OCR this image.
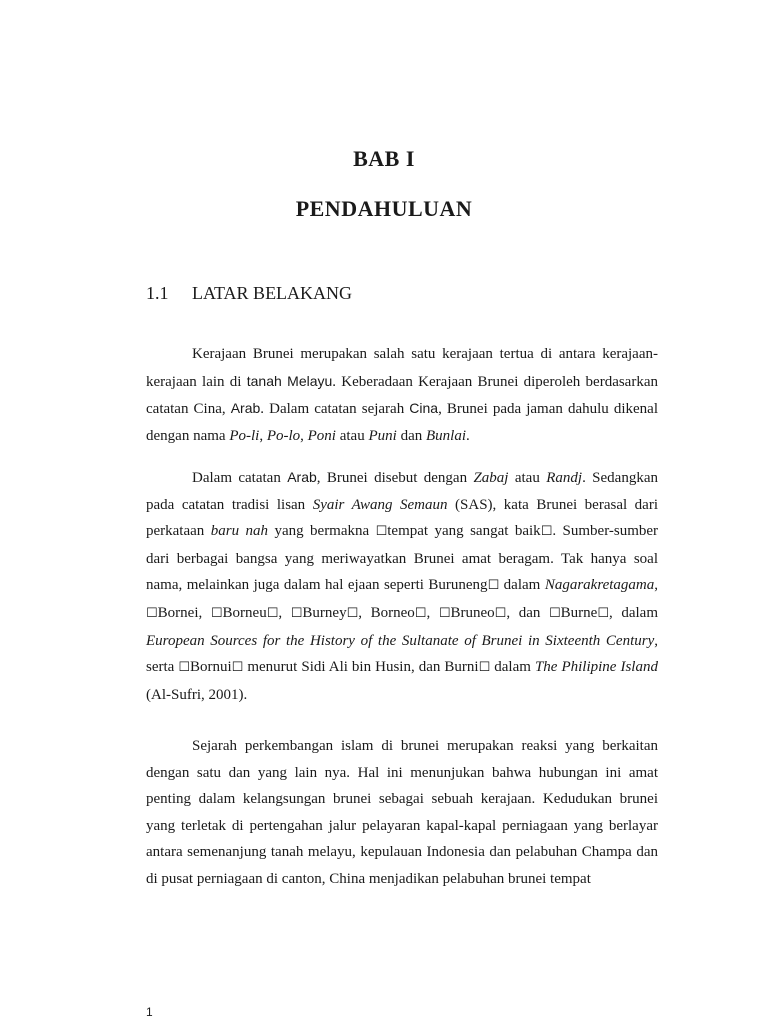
BAB I
PENDAHULUAN
1.1 LATAR BELAKANG

Kerajaan Brunei merupakan salah satu kerajaan tertua di antara kerajaan-kerajaan lain di tanah Melayu. Keberadaan Kerajaan Brunei diperoleh berdasarkan catatan Cina, Arab. Dalam catatan sejarah Cina, Brunei pada jaman dahulu dikenal dengan nama Po-li, Po-lo, Poni atau Puni dan Bunlai.

Dalam catatan Arab, Brunei disebut dengan Zabaj atau Randj. Sedangkan pada catatan tradisi lisan Syair Awang Semaun (SAS), kata Brunei berasal dari perkataan baru nah yang bermakna ☐tempat yang sangat baik☐. Sumber-sumber dari berbagai bangsa yang meriwayatkan Brunei amat beragam. Tak hanya soal nama, melainkan juga dalam hal ejaan seperti Buruneng☐ dalam Nagarakretagama, ☐Bornei, ☐Borneu☐, ☐Burney☐, Borneo☐, ☐Bruneo☐, dan ☐Burne☐, dalam European Sources for the History of the Sultanate of Brunei in Sixteenth Century, serta ☐Bornui☐ menurut Sidi Ali bin Husin, dan Burni☐ dalam The Philipine Island (Al-Sufri, 2001).

Sejarah perkembangan islam di brunei merupakan reaksi yang berkaitan dengan satu dan yang lain nya. Hal ini menunjukan bahwa hubungan ini amat penting dalam kelangsungan brunei sebagai sebuah kerajaan. Kedudukan brunei yang terletak di pertengahan jalur pelayaran kapal-kapal perniagaan yang berlayar antara semenanjung tanah melayu, kepulauan Indonesia dan pelabuhan Champa dan di pusat perniagaan di canton, China menjadikan pelabuhan brunei tempat

1
